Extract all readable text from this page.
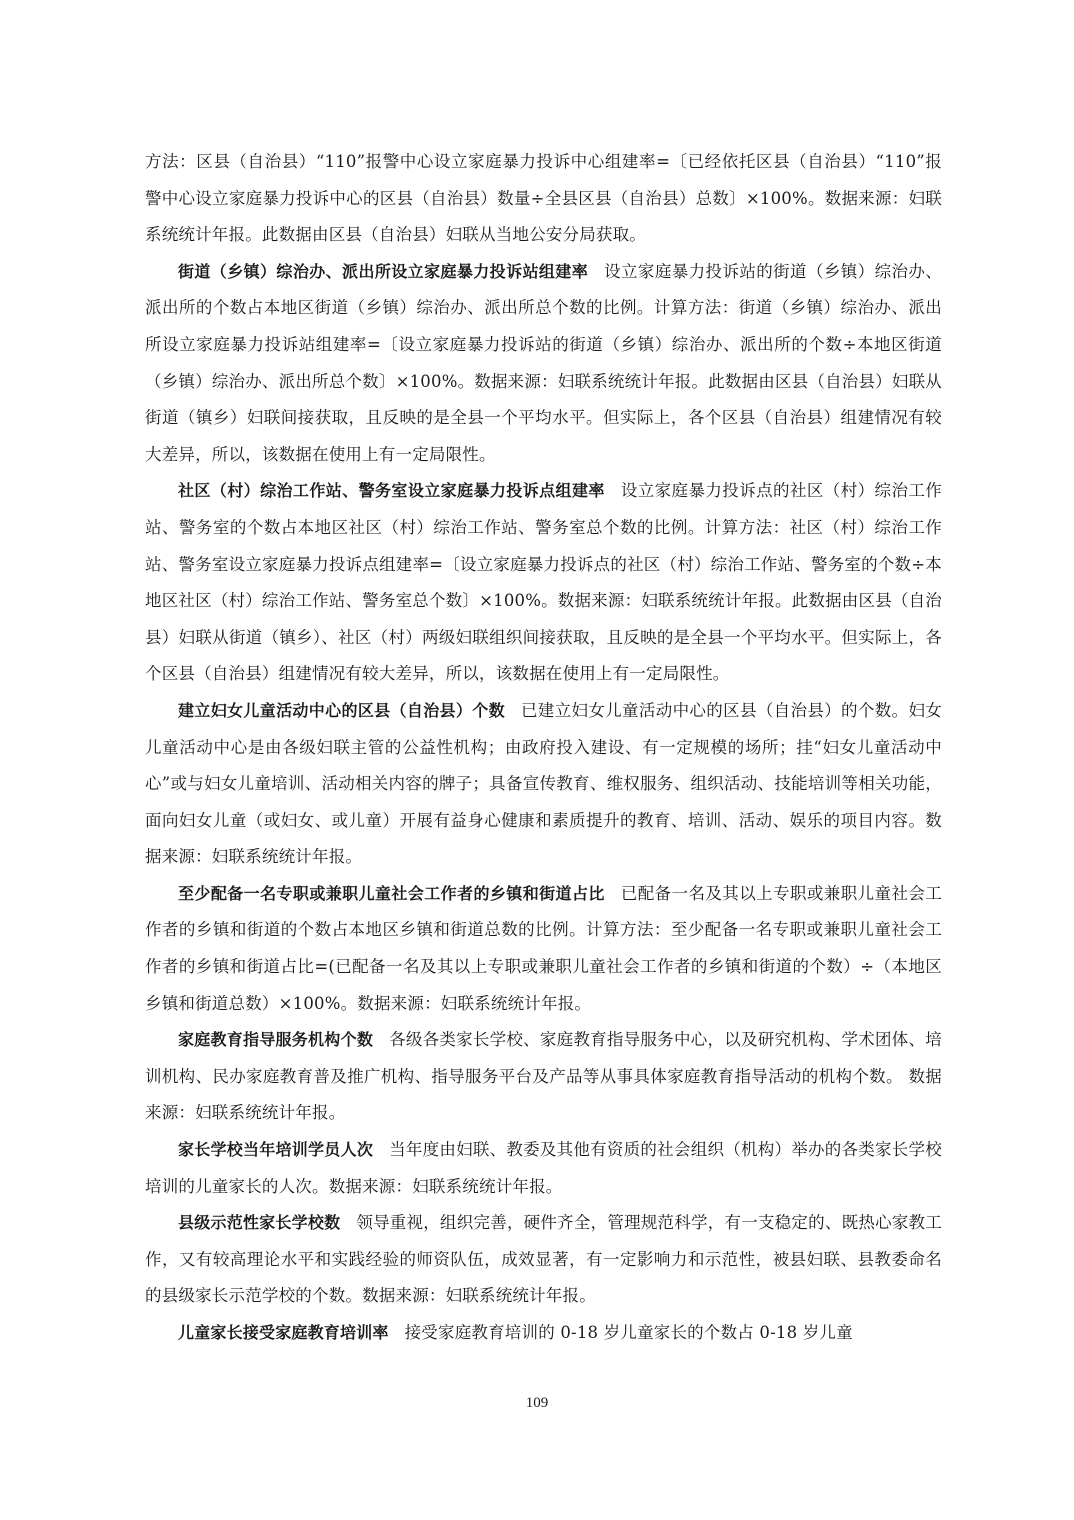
方法：区县（自治县）“110”报警中心设立家庭暴力投诉中心组建率=〔已经依托区县（自治县）“110”报警中心设立家庭暴力投诉中心的区县（自治县）数量÷全县区县（自治县）总数〕×100%。数据来源：妇联系统统计年报。此数据由区县（自治县）妇联从当地公安分局获取。

街道（乡镇）综治办、派出所设立家庭暴力投诉站组建率 设立家庭暴力投诉站的街道（乡镇）综治办、派出所的个数占本地区街道（乡镇）综治办、派出所总个数的比例。计算方法：街道（乡镇）综治办、派出所设立家庭暴力投诉站组建率=〔设立家庭暴力投诉站的街道（乡镇）综治办、派出所的个数÷本地区街道（乡镇）综治办、派出所总个数〕×100%。数据来源：妇联系统统计年报。此数据由区县（自治县）妇联从街道（镇乡）妇联间接获取，且反映的是全县一个平均水平。但实际上，各个区县（自治县）组建情况有较大差异，所以，该数据在使用上有一定局限性。

社区（村）综治工作站、警务室设立家庭暴力投诉点组建率 设立家庭暴力投诉点的社区（村）综治工作站、警务室的个数占本地区社区（村）综治工作站、警务室总个数的比例。计算方法：社区（村）综治工作站、警务室设立家庭暴力投诉点组建率=〔设立家庭暴力投诉点的社区（村）综治工作站、警务室的个数÷本地区社区（村）综治工作站、警务室总个数〕×100%。数据来源：妇联系统统计年报。此数据由区县（自治县）妇联从街道（镇乡）、社区（村）两级妇联组织间接获取，且反映的是全县一个平均水平。但实际上，各个区县（自治县）组建情况有较大差异，所以，该数据在使用上有一定局限性。

建立妇女儿童活动中心的区县（自治县）个数 已建立妇女儿童活动中心的区县（自治县）的个数。妇女儿童活动中心是由各级妇联主管的公益性机构；由政府投入建设、有一定规模的场所；挂“妇女儿童活动中心”或与妇女儿童培训、活动相关内容的牌子；具备宣传教育、维权服务、组织活动、技能培训等相关功能，面向妇女儿童（或妇女、或儿童）开展有益身心健康和素质提升的教育、培训、活动、娱乐的项目内容。数据来源：妇联系统统计年报。

至少配备一名专职或兼职儿童社会工作者的乡镇和街道占比 已配备一名及其以上专职或兼职儿童社会工作者的乡镇和街道的个数占本地区乡镇和街道总数的比例。计算方法：至少配备一名专职或兼职儿童社会工作者的乡镇和街道占比=(已配备一名及其以上专职或兼职儿童社会工作者的乡镇和街道的个数）÷（本地区乡镇和街道总数）×100%。数据来源：妇联系统统计年报。

家庭教育指导服务机构个数 各级各类家长学校、家庭教育指导服务中心，以及研究机构、学术团体、培训机构、民办家庭教育普及推广机构、指导服务平台及产品等从事具体家庭教育指导活动的机构个数。 数据来源：妇联系统统计年报。

家长学校当年培训学员人次 当年度由妇联、教委及其他有资质的社会组织（机构）举办的各类家长学校培训的儿童家长的人次。数据来源：妇联系统统计年报。

县级示范性家长学校数 领导重视，组织完善，硬件齐全，管理规范科学，有一支稳定的、既热心家教工作，又有较高理论水平和实践经验的师资队伍，成效显著，有一定影响力和示范性，被县妇联、县教委命名的县级家长示范学校的个数。数据来源：妇联系统统计年报。

儿童家长接受家庭教育培训率 接受家庭教育培训的 0-18 岁儿童家长的个数占 0-18 岁儿童

109
